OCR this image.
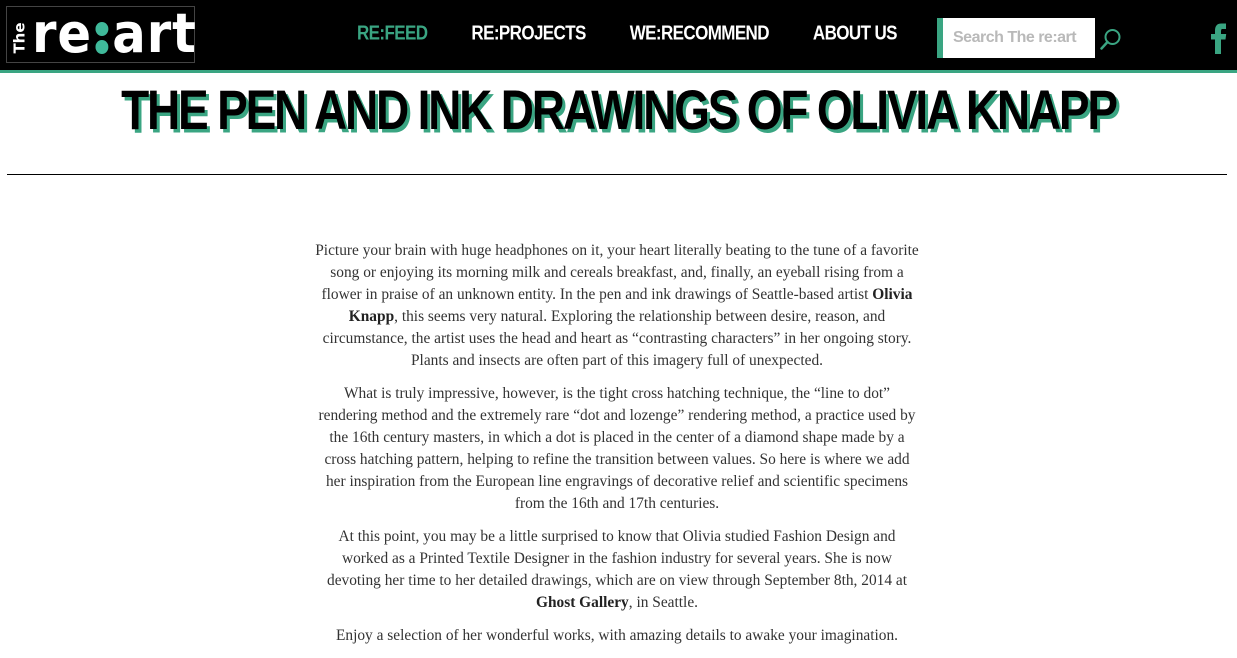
The re art	RE:FEED	RE:PROJECTS	WE:RECOMMEND	ABOUT US
Search The re:art
THE PEN AND INK DRAWINGS OF OLIVIA KNAPP

Picture your brain with huge headphones on it, your heart literally beating to the tune of a favorite song or enjoying its morning milk and cereals breakfast, and, finally, an eyeball rising from a flower in praise of an unknown entity. In the pen and ink drawings of Seattle-based artist Olivia Knapp, this seems very natural. Exploring the relationship between desire, reason, and circumstance, the artist uses the head and heart as “contrasting characters” in her ongoing story. Plants and insects are often part of this imagery full of unexpected.

What is truly impressive, however, is the tight cross hatching technique, the “line to dot” rendering method and the extremely rare “dot and lozenge” rendering method, a practice used by the 16th century masters, in which a dot is placed in the center of a diamond shape made by a cross hatching pattern, helping to refine the transition between values. So here is where we add her inspiration from the European line engravings of decorative relief and scientific specimens from the 16th and 17th centuries.

At this point, you may be a little surprised to know that Olivia studied Fashion Design and worked as a Printed Textile Designer in the fashion industry for several years. She is now devoting her time to her detailed drawings, which are on view through September 8th, 2014 at Ghost Gallery, in Seattle.

Enjoy a selection of her wonderful works, with amazing details to awake your imagination.
